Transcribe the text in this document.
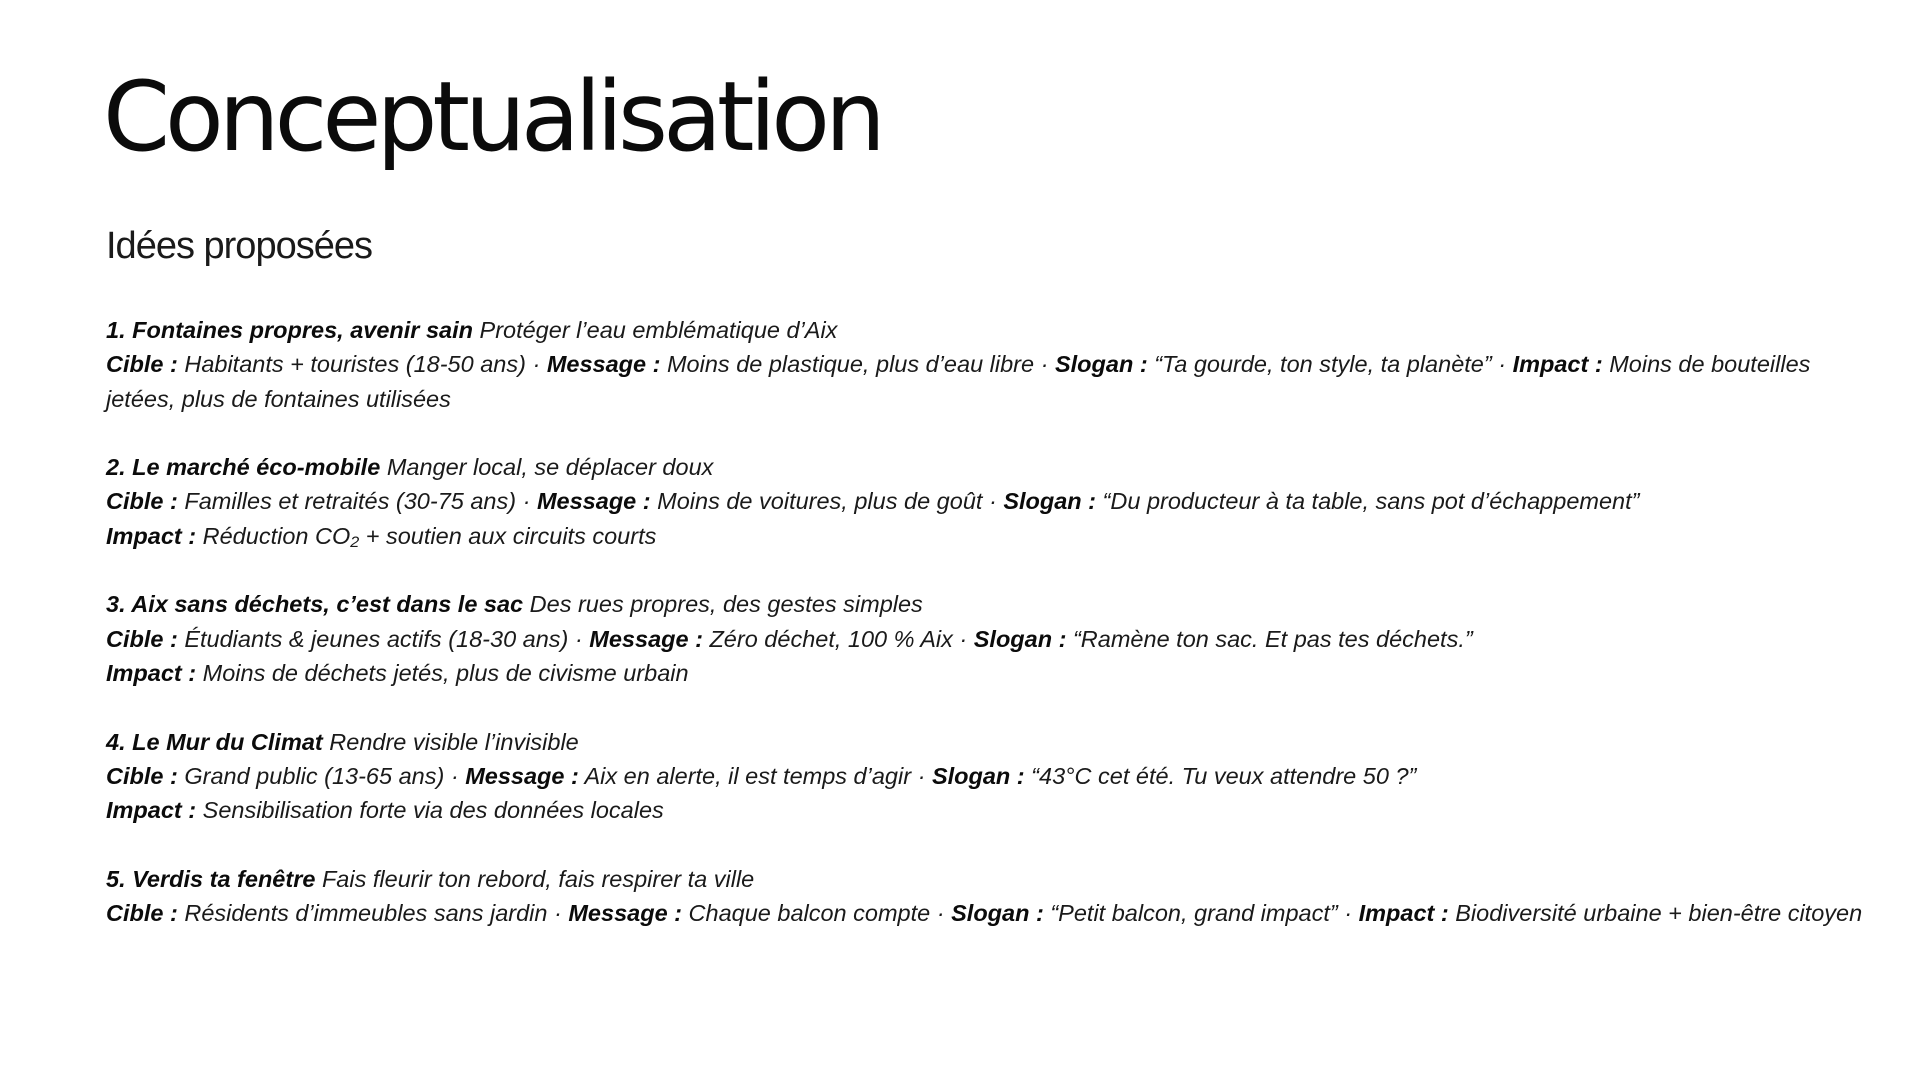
Conceptualisation
Idées proposées

1. Fontaines propres, avenir sain Protéger l’eau emblématique d’Aix

Cible : Habitants + touristes (18-50 ans) · Message : Moins de plastique, plus d’eau libre · Slogan : “Ta gourde, ton style, ta planète” · Impact : Moins de bouteilles jetées, plus de fontaines utilisées

2. Le marché éco-mobile Manger local, se déplacer doux

Cible : Familles et retraités (30-75 ans) · Message : Moins de voitures, plus de goût · Slogan : “Du producteur à ta table, sans pot d’échappement”

Impact : Réduction CO₂ + soutien aux circuits courts

3. Aix sans déchets, c’est dans le sac Des rues propres, des gestes simples

Cible : Étudiants & jeunes actifs (18-30 ans) · Message : Zéro déchet, 100 % Aix · Slogan : “Ramène ton sac. Et pas tes déchets.”

Impact : Moins de déchets jetés, plus de civisme urbain

4. Le Mur du Climat Rendre visible l’invisible

Cible : Grand public (13-65 ans) · Message : Aix en alerte, il est temps d’agir · Slogan : “43°C cet été. Tu veux attendre 50 ?”

Impact : Sensibilisation forte via des données locales

5. Verdis ta fenêtre Fais fleurir ton rebord, fais respirer ta ville

Cible : Résidents d’immeubles sans jardin · Message : Chaque balcon compte · Slogan : “Petit balcon, grand impact” · Impact : Biodiversité urbaine + bien-être citoyen
